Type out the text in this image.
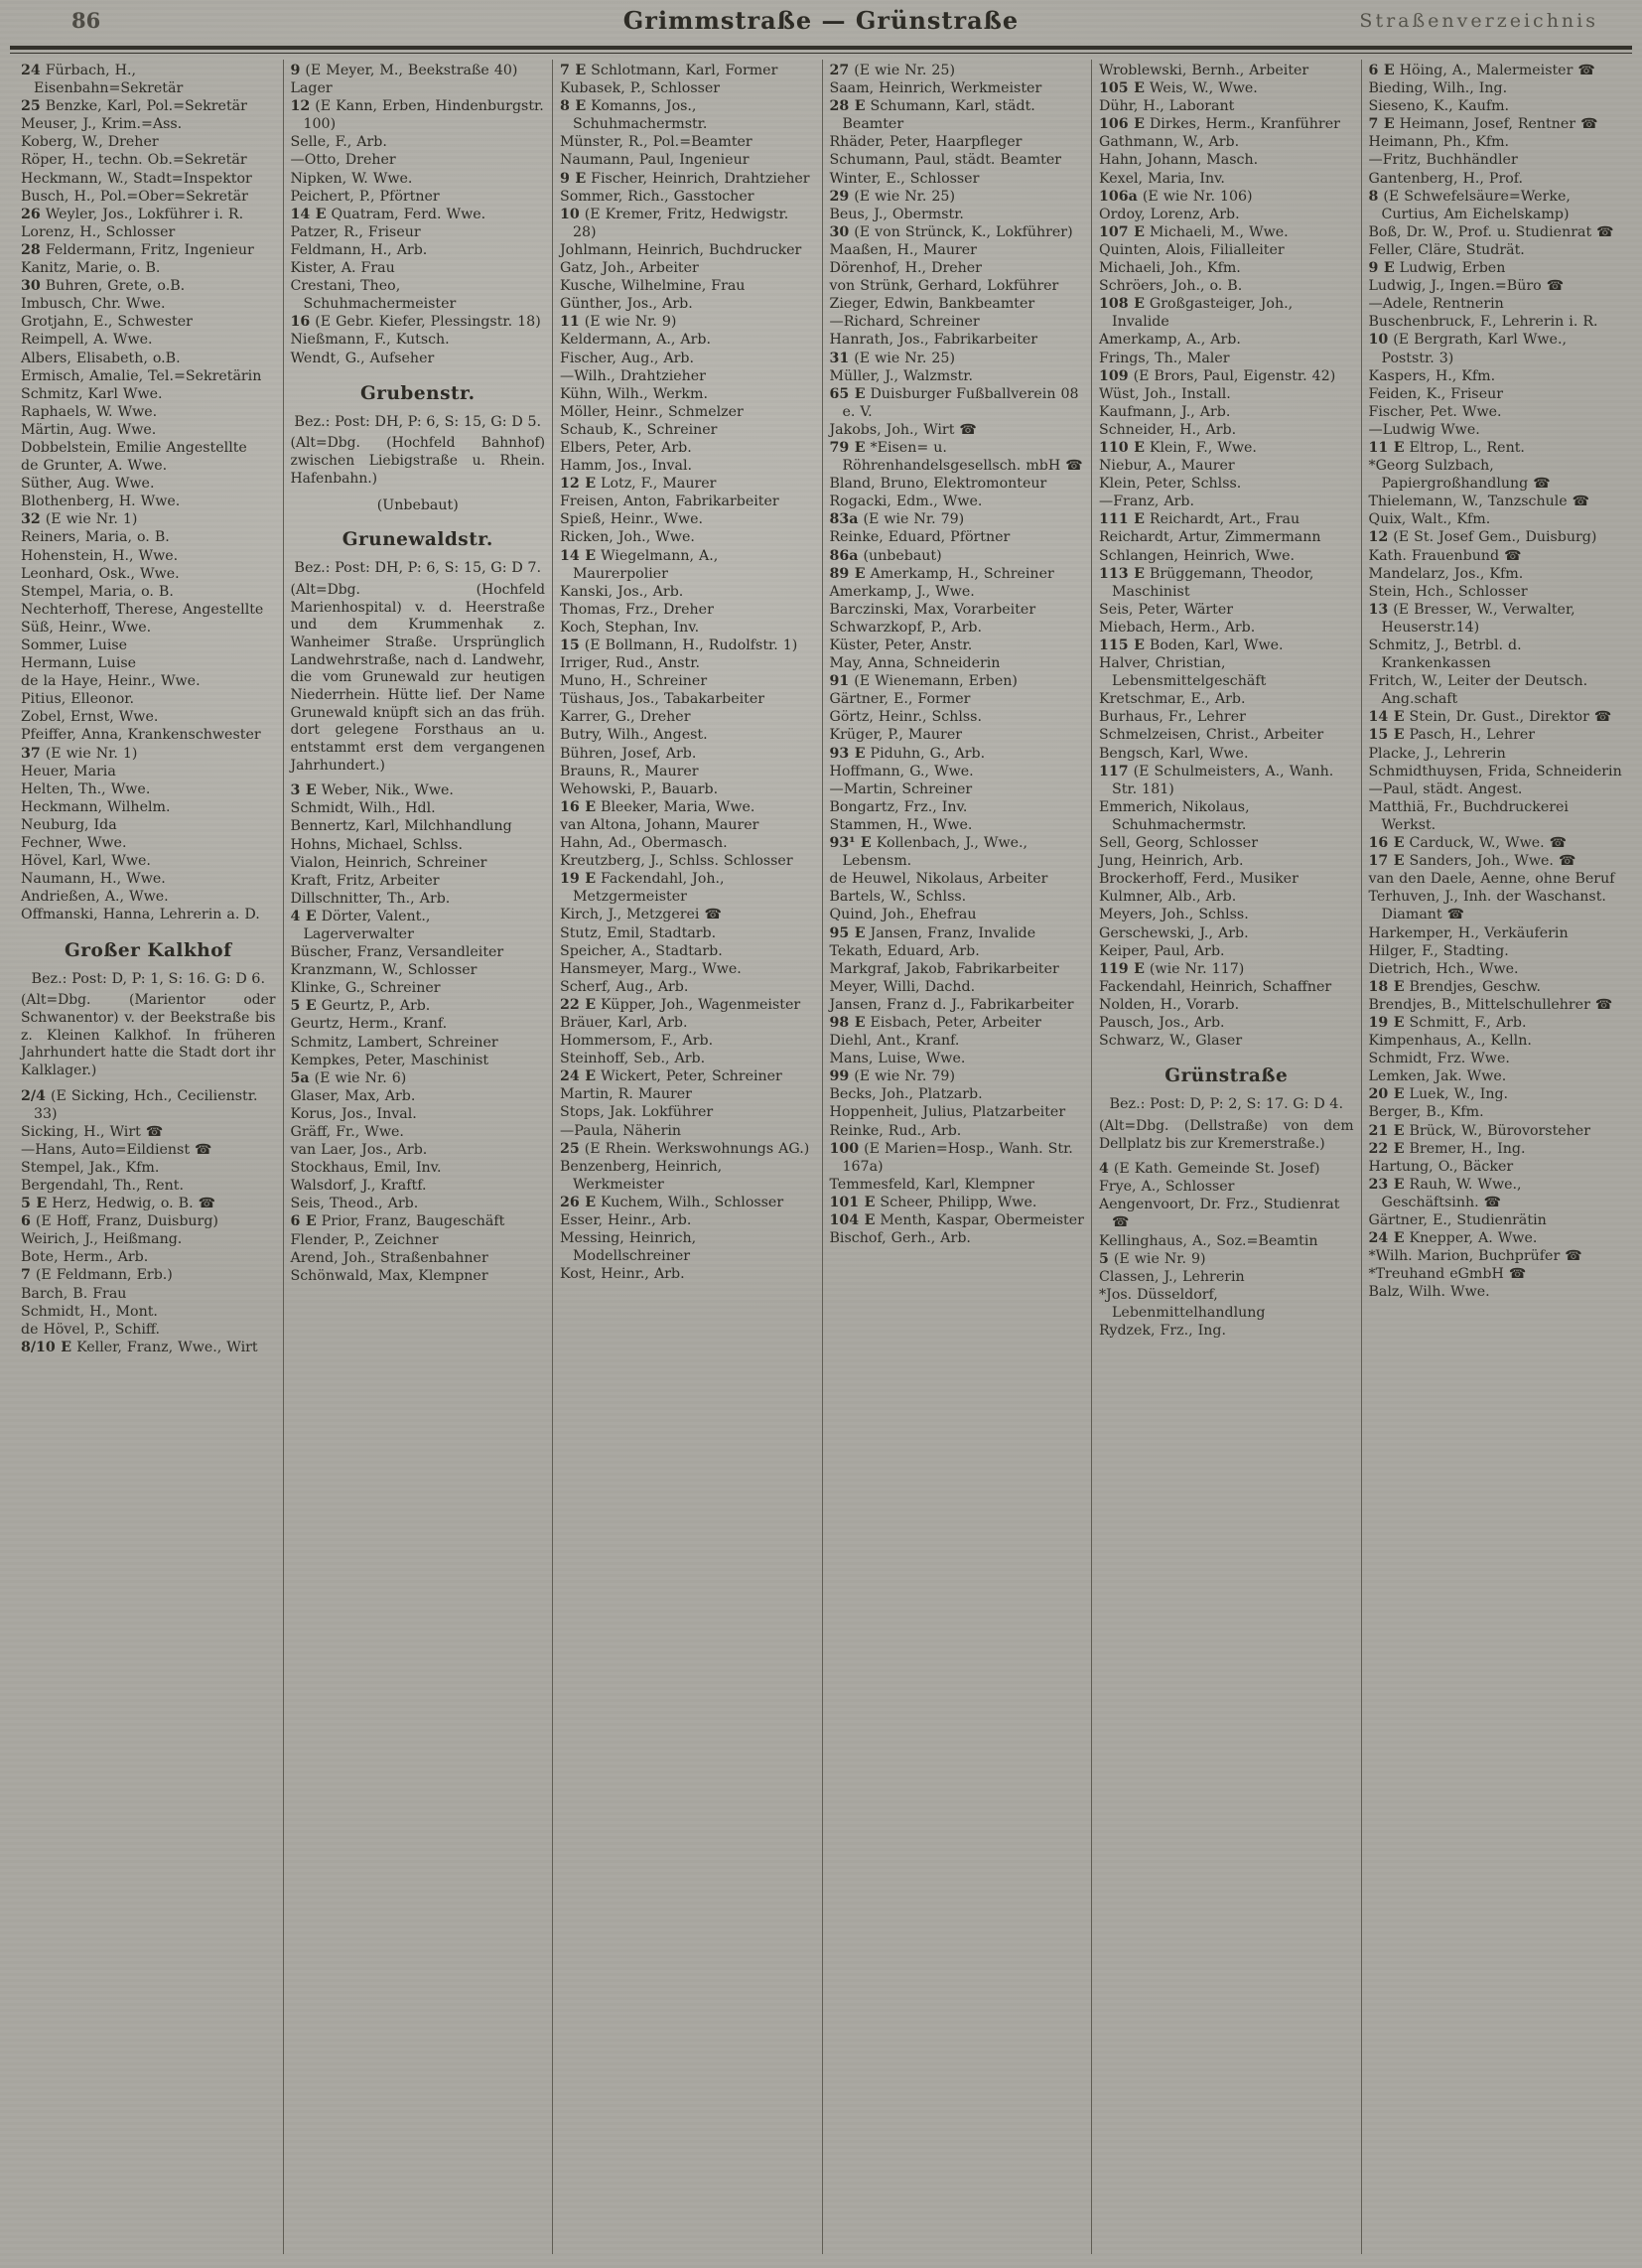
86	Grimmstraße — Grünstraße	Straßenverzeichnis
24 Fürbach, H., Eisenbahn=Sekretär
25 Benzke, Karl, Pol.=Sekretär
Meuser, J., Krim.=Ass.
Koberg, W., Dreher
Röper, H., techn. Ob.=Sekretär
Heckmann, W., Stadt=Inspektor
Busch, H., Pol.=Ober=Sekretär
26 Weyler, Jos., Lokführer i. R.
Lorenz, H., Schlosser
28 Feldermann, Fritz, Ingenieur
Kanitz, Marie, o. B.
30 Buhren, Grete, o.B.
Imbusch, Chr. Wwe.
Grotjahn, E., Schwester
Reimpell, A. Wwe.
Albers, Elisabeth, o.B.
Ermisch, Amalie, Tel.=Sekretärin
Schmitz, Karl Wwe.
Raphaels, W. Wwe.
Märtin, Aug. Wwe.
Dobbelstein, Emilie Angestellte
de Grunter, A. Wwe.
Süther, Aug. Wwe.
Blothenberg, H. Wwe.
32 (E wie Nr. 1)
Reiners, Maria, o. B.
Hohenstein, H., Wwe.
Leonhard, Osk., Wwe.
Stempel, Maria, o. B.
Nechterhoff, Therese, Angestellte
Süß, Heinr., Wwe.
Sommer, Luise
Hermann, Luise
de la Haye, Heinr., Wwe.
Pitius, Elleonor.
Zobel, Ernst, Wwe.
Pfeiffer, Anna, Krankenschwester
37 (E wie Nr. 1)
Heuer, Maria
Helten, Th., Wwe.
Heckmann, Wilhelm.
Neuburg, Ida
Fechner, Wwe.
Hövel, Karl, Wwe.
Naumann, H., Wwe.
Andrießen, A., Wwe.
Offmanski, Hanna, Lehrerin a. D.
Großer Kalkhof
Bez.: Post: D, P: 1, S: 16. G: D 6.
(Alt=Dbg. (Marientor oder Schwanentor) v. der Beekstraße bis z. Kleinen Kalkhof. In früheren Jahrhundert hatte die Stadt dort ihr Kalklager.)
2/4 (E Sicking, Hch., Cecilienstr. 33)
Sicking, H., Wirt ☎
—Hans, Auto=Eildienst ☎
Stempel, Jak., Kfm.
Bergendahl, Th., Rent.
5 E Herz, Hedwig, o. B. ☎
6 (E Hoff, Franz, Duisburg)
Weirich, J., Heißmang.
Bote, Herm., Arb.
7 (E Feldmann, Erb.)
Barch, B. Frau
Schmidt, H., Mont.
de Hövel, P., Schiff.
8/10 E Keller, Franz, Wwe., Wirt
9 (E Meyer, M., Beekstraße 40)
Lager
12 (E Kann, Erben, Hindenburgstr. 100)
Selle, F., Arb.
—Otto, Dreher
Nipken, W. Wwe.
Peichert, P., Pförtner
14 E Quatram, Ferd. Wwe.
Patzer, R., Friseur
Feldmann, H., Arb.
Kister, A. Frau
Crestani, Theo, Schuhmachermeister
16 (E Gebr. Kiefer, Plessingstr. 18)
Nießmann, F., Kutsch.
Wendt, G., Aufseher
Grubenstr.
Bez.: Post: DH, P: 6, S: 15, G: D 5.
(Alt=Dbg. (Hochfeld Bahnhof) zwischen Liebigstraße u. Rhein. Hafenbahn.)
(Unbebaut)
Grunewaldstr.
Bez.: Post: DH, P: 6, S: 15, G: D 7.
(Alt=Dbg. (Hochfeld Marienhospital) v. d. Heerstraße und dem Krummenhak z. Wanheimer Straße. Ursprünglich Landwehrstraße, nach d. Landwehr, die vom Grunewald zur heutigen Niederrhein. Hütte lief. Der Name Grunewald knüpft sich an das früh. dort gelegene Forsthaus an u. entstammt erst dem vergangenen Jahrhundert.)
3 E Weber, Nik., Wwe.
Schmidt, Wilh., Hdl.
Bennertz, Karl, Milchhandlung
Hohns, Michael, Schlss.
Vialon, Heinrich, Schreiner
Kraft, Fritz, Arbeiter
Dillschnitter, Th., Arb.
4 E Dörter, Valent., Lagerverwalter
Büscher, Franz, Versandleiter
Kranzmann, W., Schlosser
Klinke, G., Schreiner
5 E Geurtz, P., Arb.
Geurtz, Herm., Kranf.
Schmitz, Lambert, Schreiner
Kempkes, Peter, Maschinist
5a (E wie Nr. 6)
Glaser, Max, Arb.
Korus, Jos., Inval.
Gräff, Fr., Wwe.
van Laer, Jos., Arb.
Stockhaus, Emil, Inv.
Walsdorf, J., Kraftf.
Seis, Theod., Arb.
6 E Prior, Franz, Baugeschäft
Flender, P., Zeichner
Arend, Joh., Straßenbahner
Schönwald, Max, Klempner
7 E Schlotmann, Karl, Former
Kubasek, P., Schlosser
8 E Komanns, Jos., Schuhmachermstr.
Münster, R., Pol.=Beamter
Naumann, Paul, Ingenieur
9 E Fischer, Heinrich, Drahtzieher
Sommer, Rich., Gasstocher
10 (E Kremer, Fritz, Hedwigstr. 28)
Johlmann, Heinrich, Buchdrucker
Gatz, Joh., Arbeiter
Kusche, Wilhelmine, Frau
Günther, Jos., Arb.
11 (E wie Nr. 9)
Keldermann, A., Arb.
Fischer, Aug., Arb.
—Wilh., Drahtzieher
Kühn, Wilh., Werkm.
Möller, Heinr., Schmelzer
Schaub, K., Schreiner
Elbers, Peter, Arb.
Hamm, Jos., Inval.
12 E Lotz, F., Maurer
Freisen, Anton, Fabrikarbeiter
Spieß, Heinr., Wwe.
Ricken, Joh., Wwe.
14 E Wiegelmann, A., Maurerpolier
Kanski, Jos., Arb.
Thomas, Frz., Dreher
Koch, Stephan, Inv.
15 (E Bollmann, H., Rudolfstr. 1)
Irriger, Rud., Anstr.
Muno, H., Schreiner
Tüshaus, Jos., Tabakarbeiter
Karrer, G., Dreher
Butry, Wilh., Angest.
Bühren, Josef, Arb.
Brauns, R., Maurer
Wehowski, P., Bauarb.
16 E Bleeker, Maria, Wwe.
van Altona, Johann, Maurer
Hahn, Ad., Obermasch.
Kreutzberg, J., Schlss. Schlosser
19 E Fackendahl, Joh., Metzgermeister
Kirch, J., Metzgerei ☎
Stutz, Emil, Stadtarb.
Speicher, A., Stadtarb.
Hansmeyer, Marg., Wwe.
Scherf, Aug., Arb.
22 E Küpper, Joh., Wagenmeister
Bräuer, Karl, Arb.
Hommersom, F., Arb.
Steinhoff, Seb., Arb.
24 E Wickert, Peter, Schreiner
Martin, R. Maurer
Stops, Jak. Lokführer
—Paula, Näherin
25 (E Rhein. Werkswohnungs AG.)
Benzenberg, Heinrich, Werkmeister
26 E Kuchem, Wilh., Schlosser
Esser, Heinr., Arb.
Messing, Heinrich, Modellschreiner
Kost, Heinr., Arb.
27 (E wie Nr. 25)
Saam, Heinrich, Werkmeister
28 E Schumann, Karl, städt. Beamter
Rhäder, Peter, Haarpfleger
Schumann, Paul, städt. Beamter
Winter, E., Schlosser
29 (E wie Nr. 25)
Beus, J., Obermstr.
30 (E von Strünck, K., Lokführer)
Maaßen, H., Maurer
Dörenhof, H., Dreher
von Strünk, Gerhard, Lokführer
Zieger, Edwin, Bankbeamter
—Richard, Schreiner
Hanrath, Jos., Fabrikarbeiter
31 (E wie Nr. 25)
Müller, J., Walzmstr.
65 E Duisburger Fußballverein 08 e. V.
Jakobs, Joh., Wirt ☎
79 E *Eisen= u. Röhrenhandelsgesellsch. mbH ☎
Bland, Bruno, Elektromonteur
Rogacki, Edm., Wwe.
83a (E wie Nr. 79)
Reinke, Eduard, Pförtner
86a (unbebaut)
89 E Amerkamp, H., Schreiner
Amerkamp, J., Wwe.
Barczinski, Max, Vorarbeiter
Schwarzkopf, P., Arb.
Küster, Peter, Anstr.
May, Anna, Schneiderin
91 (E Wienemann, Erben)
Gärtner, E., Former
Görtz, Heinr., Schlss.
Krüger, P., Maurer
93 E Piduhn, G., Arb.
Hoffmann, G., Wwe.
—Martin, Schreiner
Bongartz, Frz., Inv.
Stammen, H., Wwe.
93¹ E Kollenbach, J., Wwe., Lebensm.
de Heuwel, Nikolaus, Arbeiter
Bartels, W., Schlss.
Quind, Joh., Ehefrau
95 E Jansen, Franz, Invalide
Tekath, Eduard, Arb.
Markgraf, Jakob, Fabrikarbeiter
Meyer, Willi, Dachd.
Jansen, Franz d. J., Fabrikarbeiter
98 E Eisbach, Peter, Arbeiter
Diehl, Ant., Kranf.
Mans, Luise, Wwe.
99 (E wie Nr. 79)
Becks, Joh., Platzarb.
Hoppenheit, Julius, Platzarbeiter
Reinke, Rud., Arb.
100 (E Marien=Hosp., Wanh. Str. 167a)
Temmesfeld, Karl, Klempner
101 E Scheer, Philipp, Wwe.
104 E Menth, Kaspar, Obermeister
Bischof, Gerh., Arb.
Wroblewski, Bernh., Arbeiter
105 E Weis, W., Wwe.
Dühr, H., Laborant
106 E Dirkes, Herm., Kranführer
Gathmann, W., Arb.
Hahn, Johann, Masch.
Kexel, Maria, Inv.
106a (E wie Nr. 106)
Ordoy, Lorenz, Arb.
107 E Michaeli, M., Wwe.
Quinten, Alois, Filialleiter
Michaeli, Joh., Kfm.
Schröers, Joh., o. B.
108 E Großgasteiger, Joh., Invalide
Amerkamp, A., Arb.
Frings, Th., Maler
109 (E Brors, Paul, Eigenstr. 42)
Wüst, Joh., Install.
Kaufmann, J., Arb.
Schneider, H., Arb.
110 E Klein, F., Wwe.
Niebur, A., Maurer
Klein, Peter, Schlss.
—Franz, Arb.
111 E Reichardt, Art., Frau
Reichardt, Artur, Zimmermann
Schlangen, Heinrich, Wwe.
113 E Brüggemann, Theodor, Maschinist
Seis, Peter, Wärter
Miebach, Herm., Arb.
115 E Boden, Karl, Wwe.
Halver, Christian, Lebensmittelgeschäft
Kretschmar, E., Arb.
Burhaus, Fr., Lehrer
Schmelzeisen, Christ., Arbeiter
Bengsch, Karl, Wwe.
117 (E Schulmeisters, A., Wanh. Str. 181)
Emmerich, Nikolaus, Schuhmachermstr.
Sell, Georg, Schlosser
Jung, Heinrich, Arb.
Brockerhoff, Ferd., Musiker
Kulmner, Alb., Arb.
Meyers, Joh., Schlss.
Gerschewski, J., Arb.
Keiper, Paul, Arb.
119 E (wie Nr. 117)
Fackendahl, Heinrich, Schaffner
Nolden, H., Vorarb.
Pausch, Jos., Arb.
Schwarz, W., Glaser
Grünstraße
Bez.: Post: D, P: 2, S: 17. G: D 4.
(Alt=Dbg. (Dellstraße) von dem Dellplatz bis zur Kremerstraße.)
4 (E Kath. Gemeinde St. Josef)
Frye, A., Schlosser
Aengenvoort, Dr. Frz., Studienrat ☎
Kellinghaus, A., Soz.=Beamtin
5 (E wie Nr. 9)
Classen, J., Lehrerin
*Jos. Düsseldorf, Lebenmittelhandlung
Rydzek, Frz., Ing.
6 E Höing, A., Malermeister ☎
Bieding, Wilh., Ing.
Sieseno, K., Kaufm.
7 E Heimann, Josef, Rentner ☎
Heimann, Ph., Kfm.
—Fritz, Buchhändler
Gantenberg, H., Prof.
8 (E Schwefelsäure=Werke, Curtius, Am Eichelskamp)
Boß, Dr. W., Prof. u. Studienrat ☎
Feller, Cläre, Studrät.
9 E Ludwig, Erben
Ludwig, J., Ingen.=Büro ☎
—Adele, Rentnerin
Buschenbruck, F., Lehrerin i. R.
10 (E Bergrath, Karl Wwe., Poststr. 3)
Kaspers, H., Kfm.
Feiden, K., Friseur
Fischer, Pet. Wwe.
—Ludwig Wwe.
11 E Eltrop, L., Rent.
*Georg Sulzbach, Papiergroßhandlung ☎
Thielemann, W., Tanzschule ☎
Quix, Walt., Kfm.
12 (E St. Josef Gem., Duisburg)
Kath. Frauenbund ☎
Mandelarz, Jos., Kfm.
Stein, Hch., Schlosser
13 (E Bresser, W., Verwalter, Heuserstr.14)
Schmitz, J., Betrbl. d. Krankenkassen
Fritch, W., Leiter der Deutsch. Ang.schaft
14 E Stein, Dr. Gust., Direktor ☎
15 E Pasch, H., Lehrer
Placke, J., Lehrerin
Schmidthuysen, Frida, Schneiderin
—Paul, städt. Angest.
Matthiä, Fr., Buchdruckerei Werkst.
16 E Carduck, W., Wwe. ☎
17 E Sanders, Joh., Wwe. ☎
van den Daele, Aenne, ohne Beruf
Terhuven, J., Inh. der Waschanst. Diamant ☎
Harkemper, H., Verkäuferin
Hilger, F., Stadting.
Dietrich, Hch., Wwe.
18 E Brendjes, Geschw.
Brendjes, B., Mittelschullehrer ☎
19 E Schmitt, F., Arb.
Kimpenhaus, A., Kelln.
Schmidt, Frz. Wwe.
Lemken, Jak. Wwe.
20 E Luek, W., Ing.
Berger, B., Kfm.
21 E Brück, W., Bürovorsteher
22 E Bremer, H., Ing.
Hartung, O., Bäcker
23 E Rauh, W. Wwe., Geschäftsinh. ☎
Gärtner, E., Studienrätin
24 E Knepper, A. Wwe.
*Wilh. Marion, Buchprüfer ☎
*Treuhand eGmbH ☎
Balz, Wilh. Wwe.
